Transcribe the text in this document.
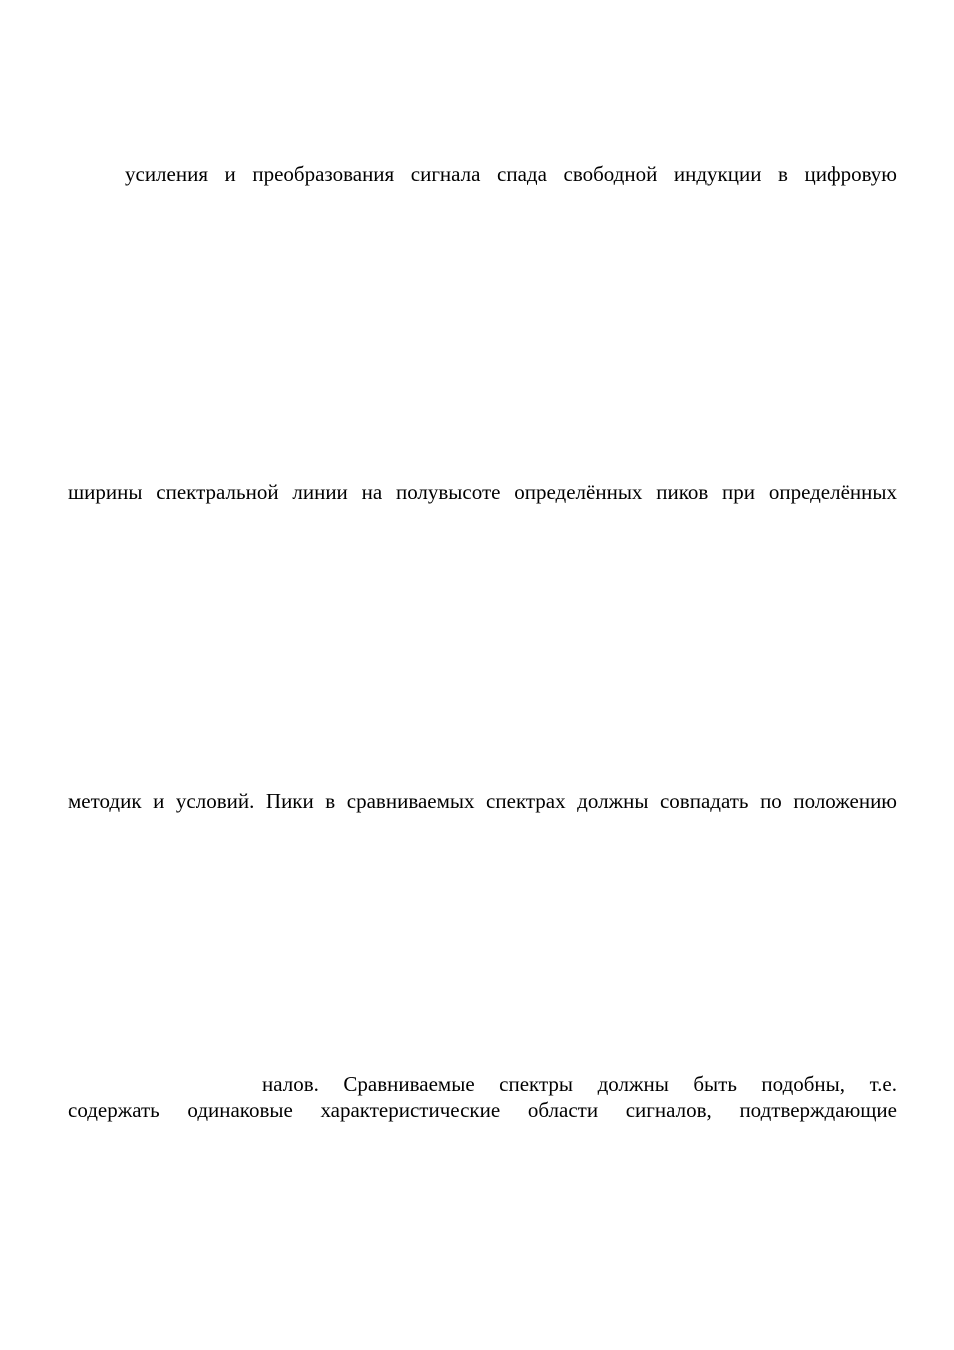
усиления и преобразования сигнала спада свободной индукции в цифровую
ширины спектральной линии на полувысоте определённых пиков при определённых
методик и условий. Пики в сравниваемых спектрах должны совпадать по положению
налов. Сравниваемые спектры должны быть подобны, т.е.
содержать одинаковые характеристические области сигналов, подтверждающие
